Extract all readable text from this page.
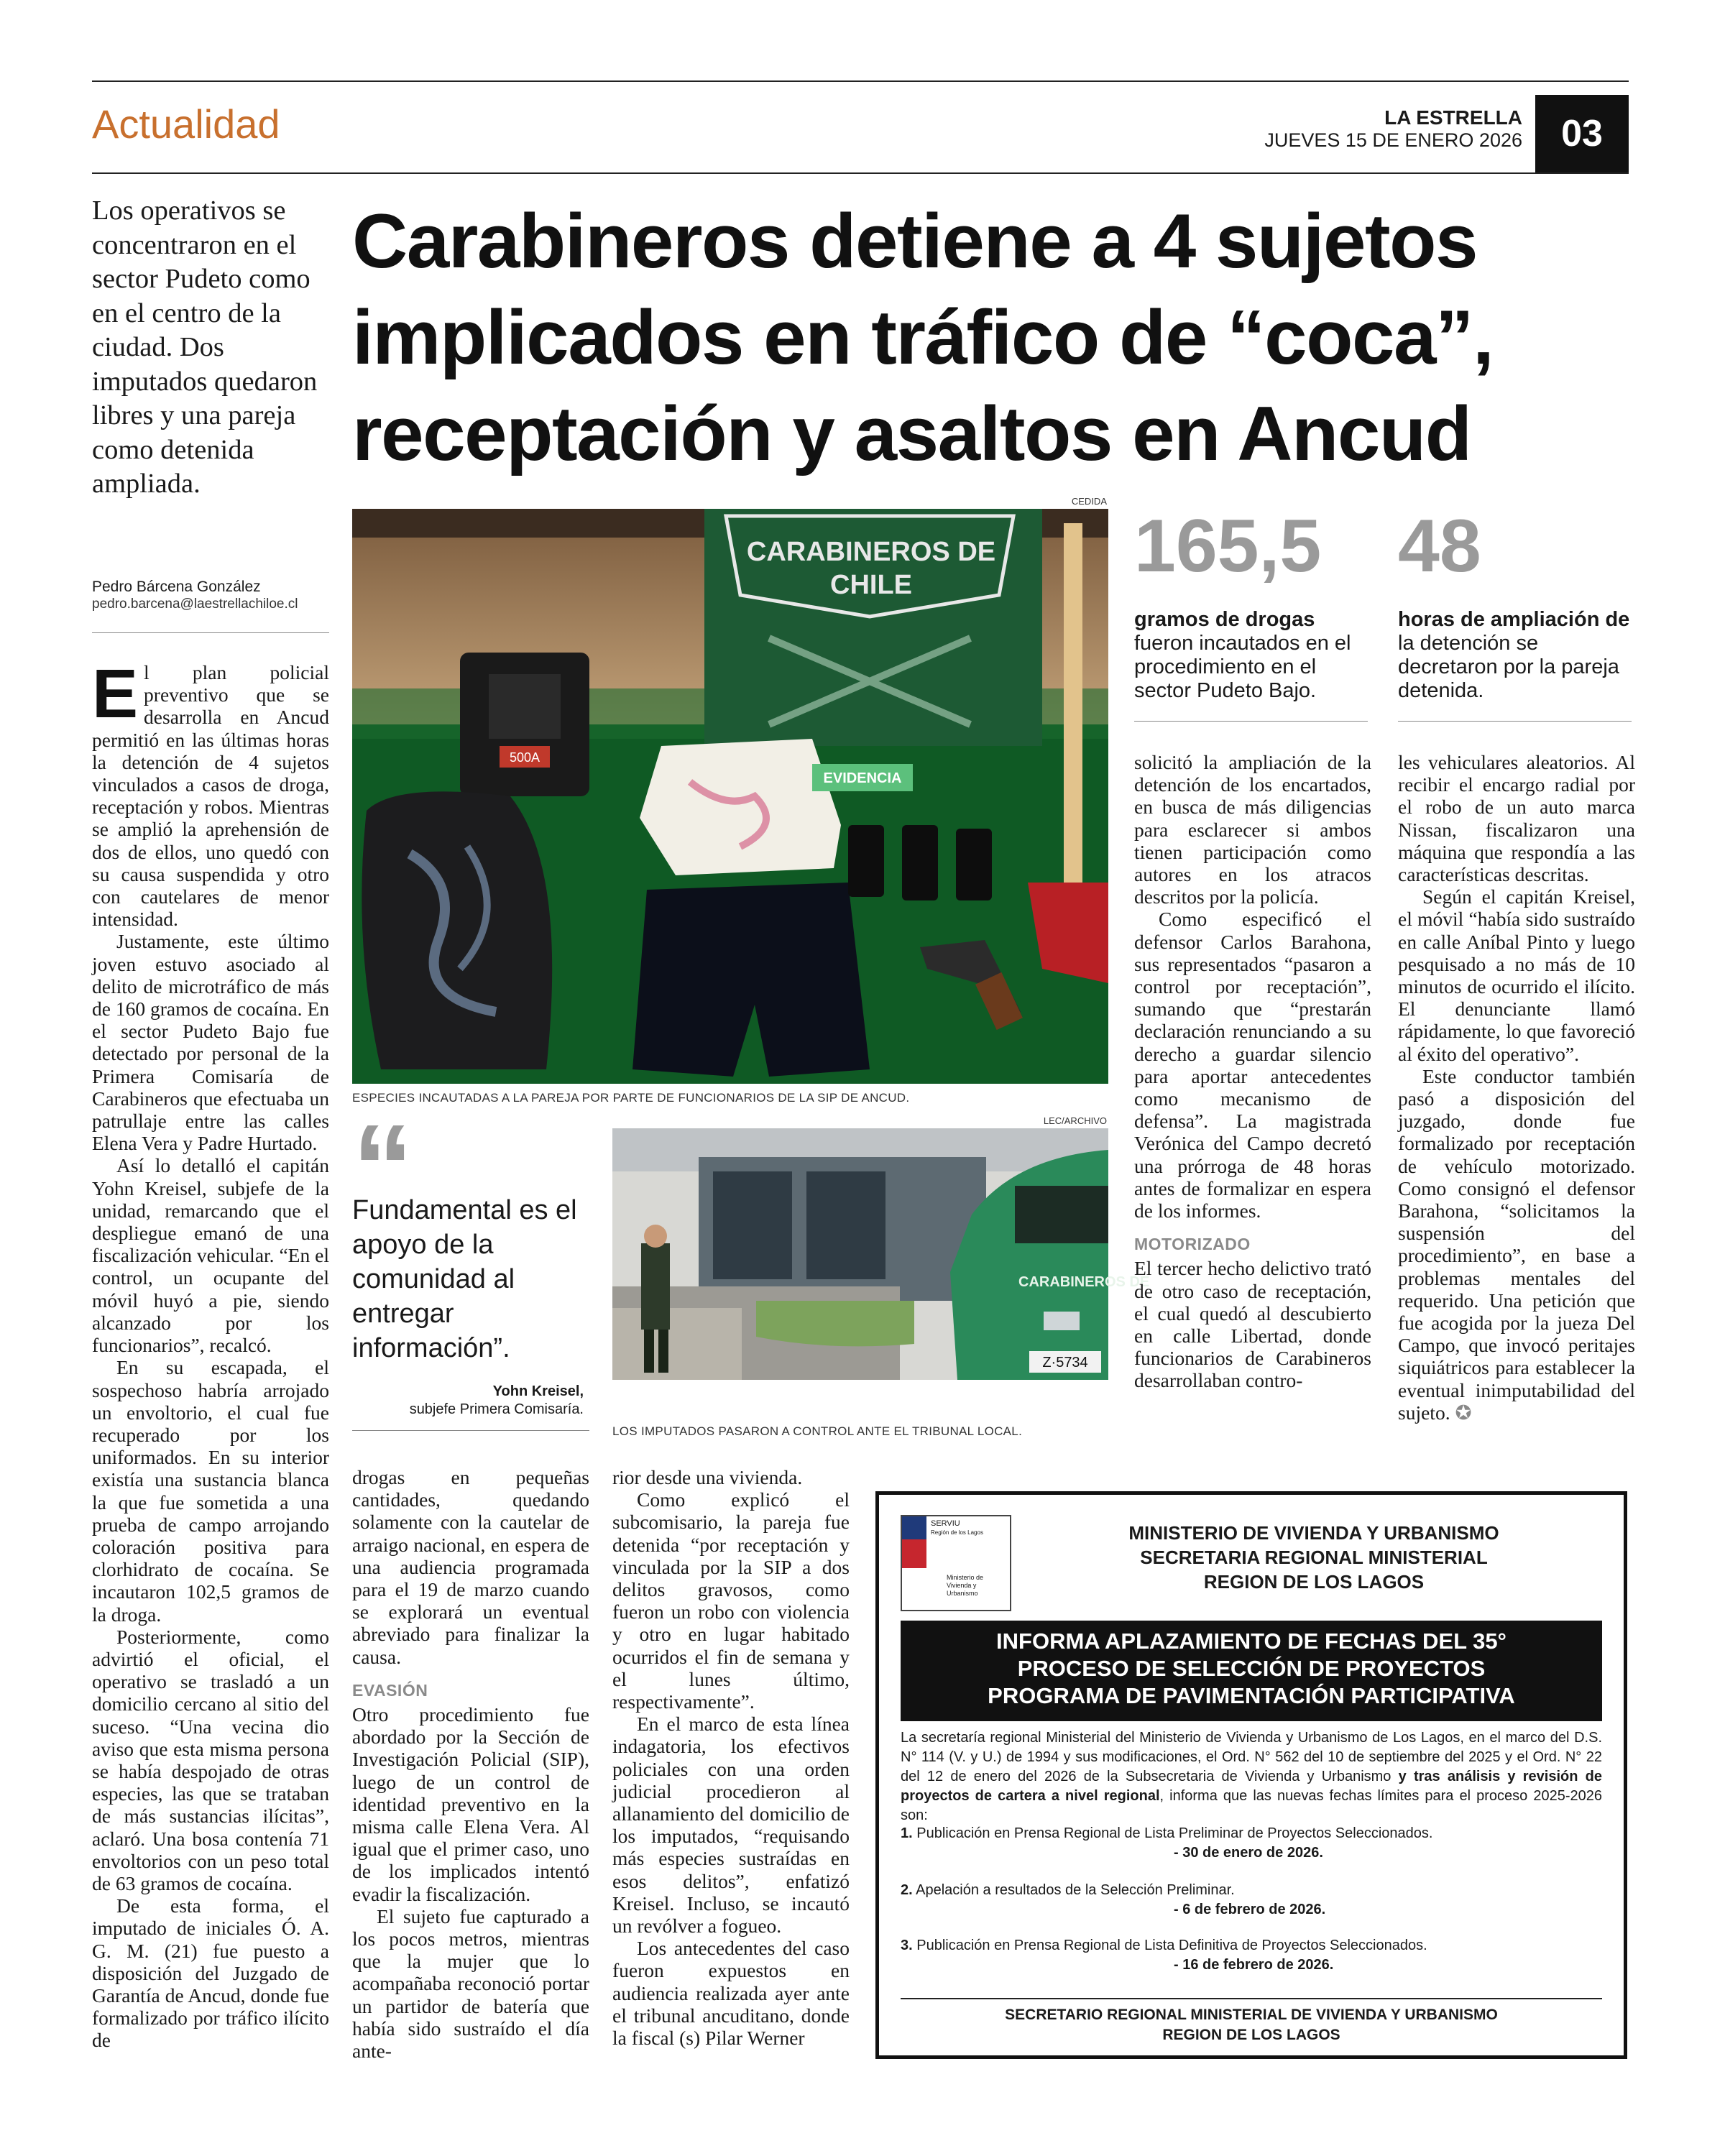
Actualidad	LA ESTRELLA
JUEVES 15 DE ENERO 2026	03
Los operativos se concentraron en el sector Pudeto como en el centro de la ciudad. Dos imputados quedaron libres y una pareja como detenida ampliada.
Carabineros detiene a 4 sujetos implicados en tráfico de “coca”, receptación y asaltos en Ancud
Pedro Bárcena González
pedro.barcena@laestrellachiloe.cl

El plan policial preventivo que se desarrolla en Ancud permitió en las últimas horas la detención de 4 sujetos vinculados a casos de droga, receptación y robos. Mientras se amplió la aprehensión de dos de ellos, uno quedó con su causa suspendida y otro con cautelares de menor intensidad.

Justamente, este último joven estuvo asociado al delito de microtráfico de más de 160 gramos de cocaína. En el sector Pudeto Bajo fue detectado por personal de la Primera Comisaría de Carabineros que efectuaba un patrullaje entre las calles Elena Vera y Padre Hurtado.

Así lo detalló el capitán Yohn Kreisel, subjefe de la unidad, remarcando que el despliegue emanó de una fiscalización vehicular. “En el control, un ocupante del móvil huyó a pie, siendo alcanzado por los funcionarios”, recalcó.

En su escapada, el sospechoso habría arrojado un envoltorio, el cual fue recuperado por los uniformados. En su interior existía una sustancia blanca la que fue sometida a una prueba de campo arrojando coloración positiva para clorhidrato de cocaína. Se incautaron 102,5 gramos de la droga.

Posteriormente, como advirtió el oficial, el operativo se trasladó a un domicilio cercano al sitio del suceso. “Una vecina dio aviso que esta misma persona se había despojado de otras especies, las que se trataban de más sustancias ilícitas”, aclaró. Una bosa contenía 71 envoltorios con un peso total de 63 gramos de cocaína.

De esta forma, el imputado de iniciales Ó. A. G. M. (21) fue puesto a disposición del Juzgado de Garantía de Ancud, donde fue formalizado por tráfico ilícito de

CEDIDA
CARABINEROS DE
CHILE
500A
EVIDENCIA
ESPECIES INCAUTADAS A LA PAREJA POR PARTE DE FUNCIONARIOS DE LA SIP DE ANCUD.
“
Fundamental es el apoyo de la comunidad al entregar información”.
Yohn Kreisel,
subjefe Primera Comisaría.
LEC/ARCHIVO
CARABINEROS DE
Z·5734
LOS IMPUTADOS PASARON A CONTROL ANTE EL TRIBUNAL LOCAL.

drogas en pequeñas cantidades, quedando solamente con la cautelar de arraigo nacional, en espera de una audiencia programada para el 19 de marzo cuando se explorará un eventual abreviado para finalizar la causa.

EVASIÓN

Otro procedimiento fue abordado por la Sección de Investigación Policial (SIP), luego de un control de identidad preventivo en la misma calle Elena Vera. Al igual que el primer caso, uno de los implicados intentó evadir la fiscalización.

El sujeto fue capturado a los pocos metros, mientras que la mujer que lo acompañaba reconoció portar un partidor de batería que había sido sustraído el día ante-

rior desde una vivienda.

Como explicó el subcomisario, la pareja fue detenida “por receptación y vinculada por la SIP a dos delitos gravosos, como fueron un robo con violencia y otro en lugar habitado ocurridos el fin de semana y el lunes último, respectivamente”.

En el marco de esta línea indagatoria, los efectivos policiales con una orden judicial procedieron al allanamiento del domicilio de los imputados, “requisando más especies sustraídas en esos delitos”, enfatizó Kreisel. Incluso, se incautó un revólver a fogueo.

Los antecedentes del caso fueron expuestos en audiencia realizada ayer ante el tribunal ancuditano, donde la fiscal (s) Pilar Werner

165,5
gramos de drogas
fueron incautados en el procedimiento en el sector Pudeto Bajo.
48
horas de ampliación de
la detención se decretaron por la pareja detenida.

solicitó la ampliación de la detención de los encartados, en busca de más diligencias para esclarecer si ambos tienen participación como autores en los atracos descritos por la policía.

Como especificó el defensor Carlos Barahona, sus representados “pasaron a control por receptación”, sumando que “prestarán declaración renunciando a su derecho a guardar silencio para aportar antecedentes como mecanismo de defensa”. La magistrada Verónica del Campo decretó una prórroga de 48 horas antes de formalizar en espera de los informes.

MOTORIZADO

El tercer hecho delictivo trató de otro caso de receptación, el cual quedó al descubierto en calle Libertad, donde funcionarios de Carabineros desarrollaban contro-

les vehiculares aleatorios. Al recibir el encargo radial por el robo de un auto marca Nissan, fiscalizaron una máquina que respondía a las características descritas.

Según el capitán Kreisel, el móvil “había sido sustraído en calle Aníbal Pinto y luego pesquisado a no más de 10 minutos de ocurrido el ilícito. El denunciante llamó rápidamente, lo que favoreció al éxito del operativo”.

Este conductor también pasó a disposición del juzgado, donde fue formalizado por receptación de vehículo motorizado. Como consignó el defensor Barahona, “solicitamos la suspensión del procedimiento”, en base a problemas mentales del requerido. Una petición que fue acogida por la jueza Del Campo, que invocó peritajes siquiátricos para establecer la eventual inimputabilidad del sujeto. ✪

SERVIU
Región de los Lagos
Ministerio de Vivienda y Urbanismo
MINISTERIO DE VIVIENDA Y URBANISMO
SECRETARIA REGIONAL MINISTERIAL
REGION DE LOS LAGOS
INFORMA APLAZAMIENTO DE FECHAS DEL 35°
PROCESO DE SELECCIÓN DE PROYECTOS
PROGRAMA DE PAVIMENTACIÓN PARTICIPATIVA
La secretaría regional Ministerial del Ministerio de Vivienda y Urbanismo de Los Lagos, en el marco del D.S. N° 114 (V. y U.) de 1994 y sus modificaciones, el Ord. N° 562 del 10 de septiembre del 2025 y el Ord. N° 22 del 12 de enero del 2026 de la Subsecretaria de Vivienda y Urbanismo y tras análisis y revisión de proyectos de cartera a nivel regional, informa que las nuevas fechas límites para el proceso 2025-2026 son:
1. Publicación en Prensa Regional de Lista Preliminar de Proyectos Seleccionados.
- 30 de enero de 2026.
2. Apelación a resultados de la Selección Preliminar.
- 6 de febrero de 2026.
3. Publicación en Prensa Regional de Lista Definitiva de Proyectos Seleccionados.
- 16 de febrero de 2026.
SECRETARIO REGIONAL MINISTERIAL DE VIVIENDA Y URBANISMO
REGION DE LOS LAGOS
